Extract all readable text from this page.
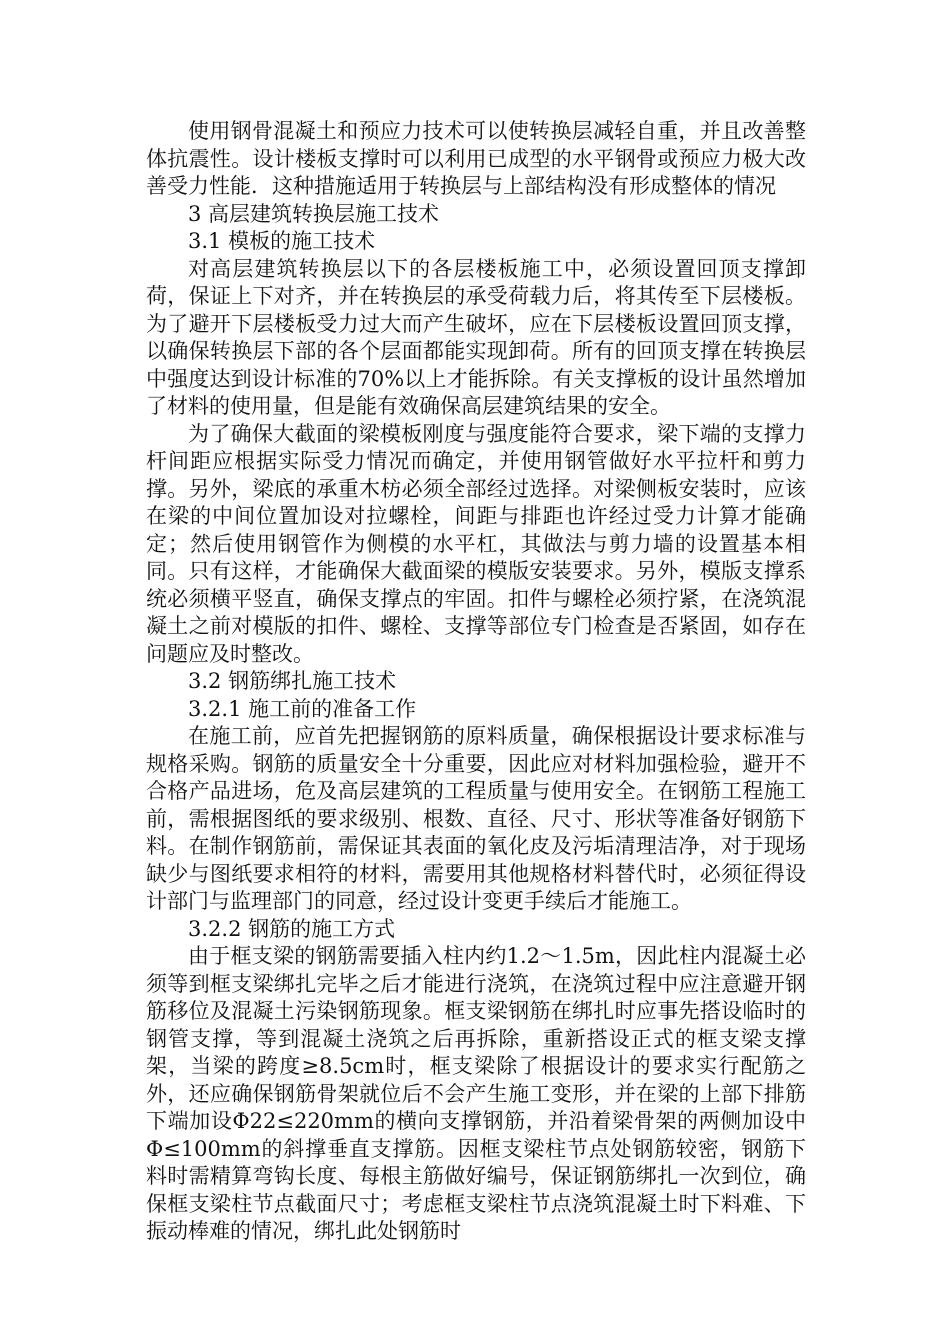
使用钢骨混凝土和预应力技术可以使转换层减轻自重，并且改善整体抗震性。设计楼板支撑时可以利用已成型的水平钢骨或预应力极大改善受力性能．这种措施适用于转换层与上部结构没有形成整体的情况

3 高层建筑转换层施工技术

3.1 模板的施工技术

对高层建筑转换层以下的各层楼板施工中，必须设置回顶支撑卸荷，保证上下对齐，并在转换层的承受荷载力后，将其传至下层楼板。为了避开下层楼板受力过大而产生破坏，应在下层楼板设置回顶支撑，以确保转换层下部的各个层面都能实现卸荷。所有的回顶支撑在转换层中强度达到设计标准的70%以上才能拆除。有关支撑板的设计虽然增加了材料的使用量，但是能有效确保高层建筑结果的安全。

为了确保大截面的梁模板刚度与强度能符合要求，梁下端的支撑力杆间距应根据实际受力情况而确定，并使用钢管做好水平拉杆和剪力撑。另外，梁底的承重木枋必须全部经过选择。对梁侧板安装时，应该在梁的中间位置加设对拉螺栓，间距与排距也许经过受力计算才能确定；然后使用钢管作为侧模的水平杠，其做法与剪力墙的设置基本相同。只有这样，才能确保大截面梁的模版安装要求。另外，模版支撑系统必须横平竖直，确保支撑点的牢固。扣件与螺栓必须拧紧，在浇筑混凝土之前对模版的扣件、螺栓、支撑等部位专门检查是否紧固，如存在问题应及时整改。

3.2 钢筋绑扎施工技术

3.2.1 施工前的准备工作

在施工前，应首先把握钢筋的原料质量，确保根据设计要求标准与规格采购。钢筋的质量安全十分重要，因此应对材料加强检验，避开不合格产品进场，危及高层建筑的工程质量与使用安全。在钢筋工程施工前，需根据图纸的要求级别、根数、直径、尺寸、形状等准备好钢筋下料。在制作钢筋前，需保证其表面的氧化皮及污垢清理洁净，对于现场缺少与图纸要求相符的材料，需要用其他规格材料替代时，必须征得设计部门与监理部门的同意，经过设计变更手续后才能施工。

3.2.2 钢筋的施工方式

由于框支梁的钢筋需要插入柱内约1.2～1.5m，因此柱内混凝土必须等到框支梁绑扎完毕之后才能进行浇筑，在浇筑过程中应注意避开钢筋移位及混凝土污染钢筋现象。框支梁钢筋在绑扎时应事先搭设临时的钢管支撑，等到混凝土浇筑之后再拆除，重新搭设正式的框支梁支撑架，当梁的跨度≥8.5cm时，框支梁除了根据设计的要求实行配筋之外，还应确保钢筋骨架就位后不会产生施工变形，并在梁的上部下排筋下端加设Φ22≤220mm的横向支撑钢筋，并沿着梁骨架的两侧加设中Φ≤100mm的斜撑垂直支撑筋。因框支梁柱节点处钢筋较密，钢筋下料时需精算弯钩长度、每根主筋做好编号，保证钢筋绑扎一次到位，确保框支梁柱节点截面尺寸；考虑框支梁柱节点浇筑混凝土时下料难、下振动棒难的情况，绑扎此处钢筋时
